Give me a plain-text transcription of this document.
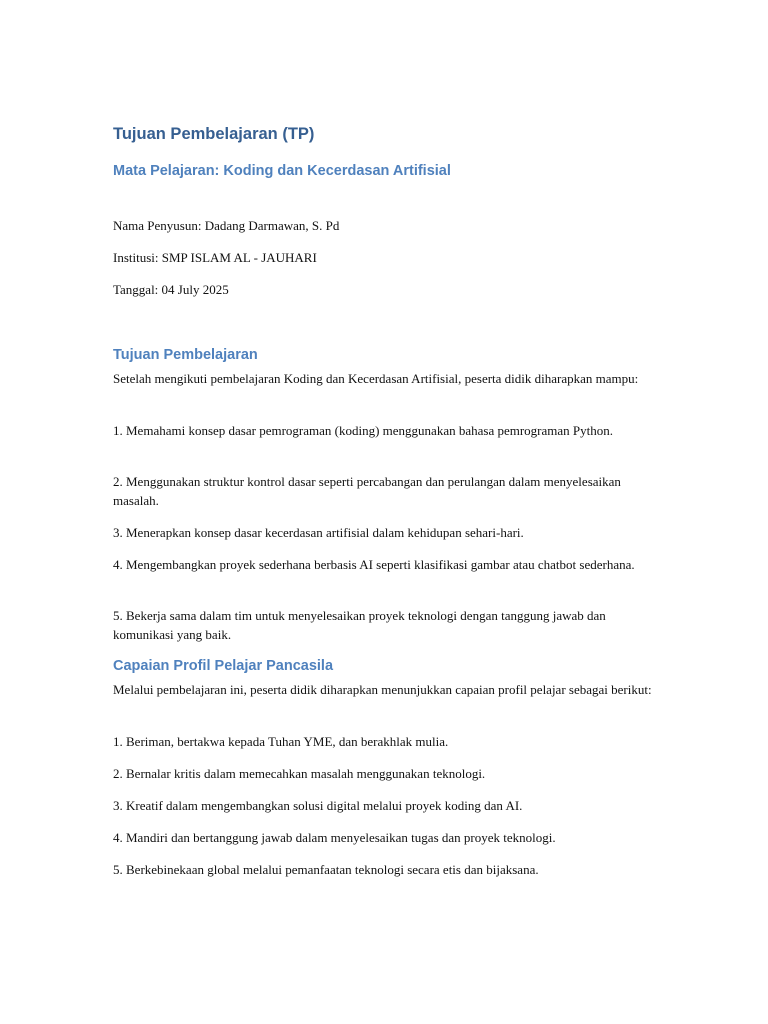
Tujuan Pembelajaran (TP)
Mata Pelajaran: Koding dan Kecerdasan Artifisial

Nama Penyusun: Dadang Darmawan, S. Pd

Institusi: SMP ISLAM AL - JAUHARI

Tanggal: 04 July 2025

Tujuan Pembelajaran

Setelah mengikuti pembelajaran Koding dan Kecerdasan Artifisial, peserta didik diharapkan mampu:

1. Memahami konsep dasar pemrograman (koding) menggunakan bahasa pemrograman Python.

2. Menggunakan struktur kontrol dasar seperti percabangan dan perulangan dalam menyelesaikan masalah.

3. Menerapkan konsep dasar kecerdasan artifisial dalam kehidupan sehari-hari.

4. Mengembangkan proyek sederhana berbasis AI seperti klasifikasi gambar atau chatbot sederhana.

5. Bekerja sama dalam tim untuk menyelesaikan proyek teknologi dengan tanggung jawab dan komunikasi yang baik.

Capaian Profil Pelajar Pancasila

Melalui pembelajaran ini, peserta didik diharapkan menunjukkan capaian profil pelajar sebagai berikut:

1. Beriman, bertakwa kepada Tuhan YME, dan berakhlak mulia.

2. Bernalar kritis dalam memecahkan masalah menggunakan teknologi.

3. Kreatif dalam mengembangkan solusi digital melalui proyek koding dan AI.

4. Mandiri dan bertanggung jawab dalam menyelesaikan tugas dan proyek teknologi.

5. Berkebinekaan global melalui pemanfaatan teknologi secara etis dan bijaksana.
